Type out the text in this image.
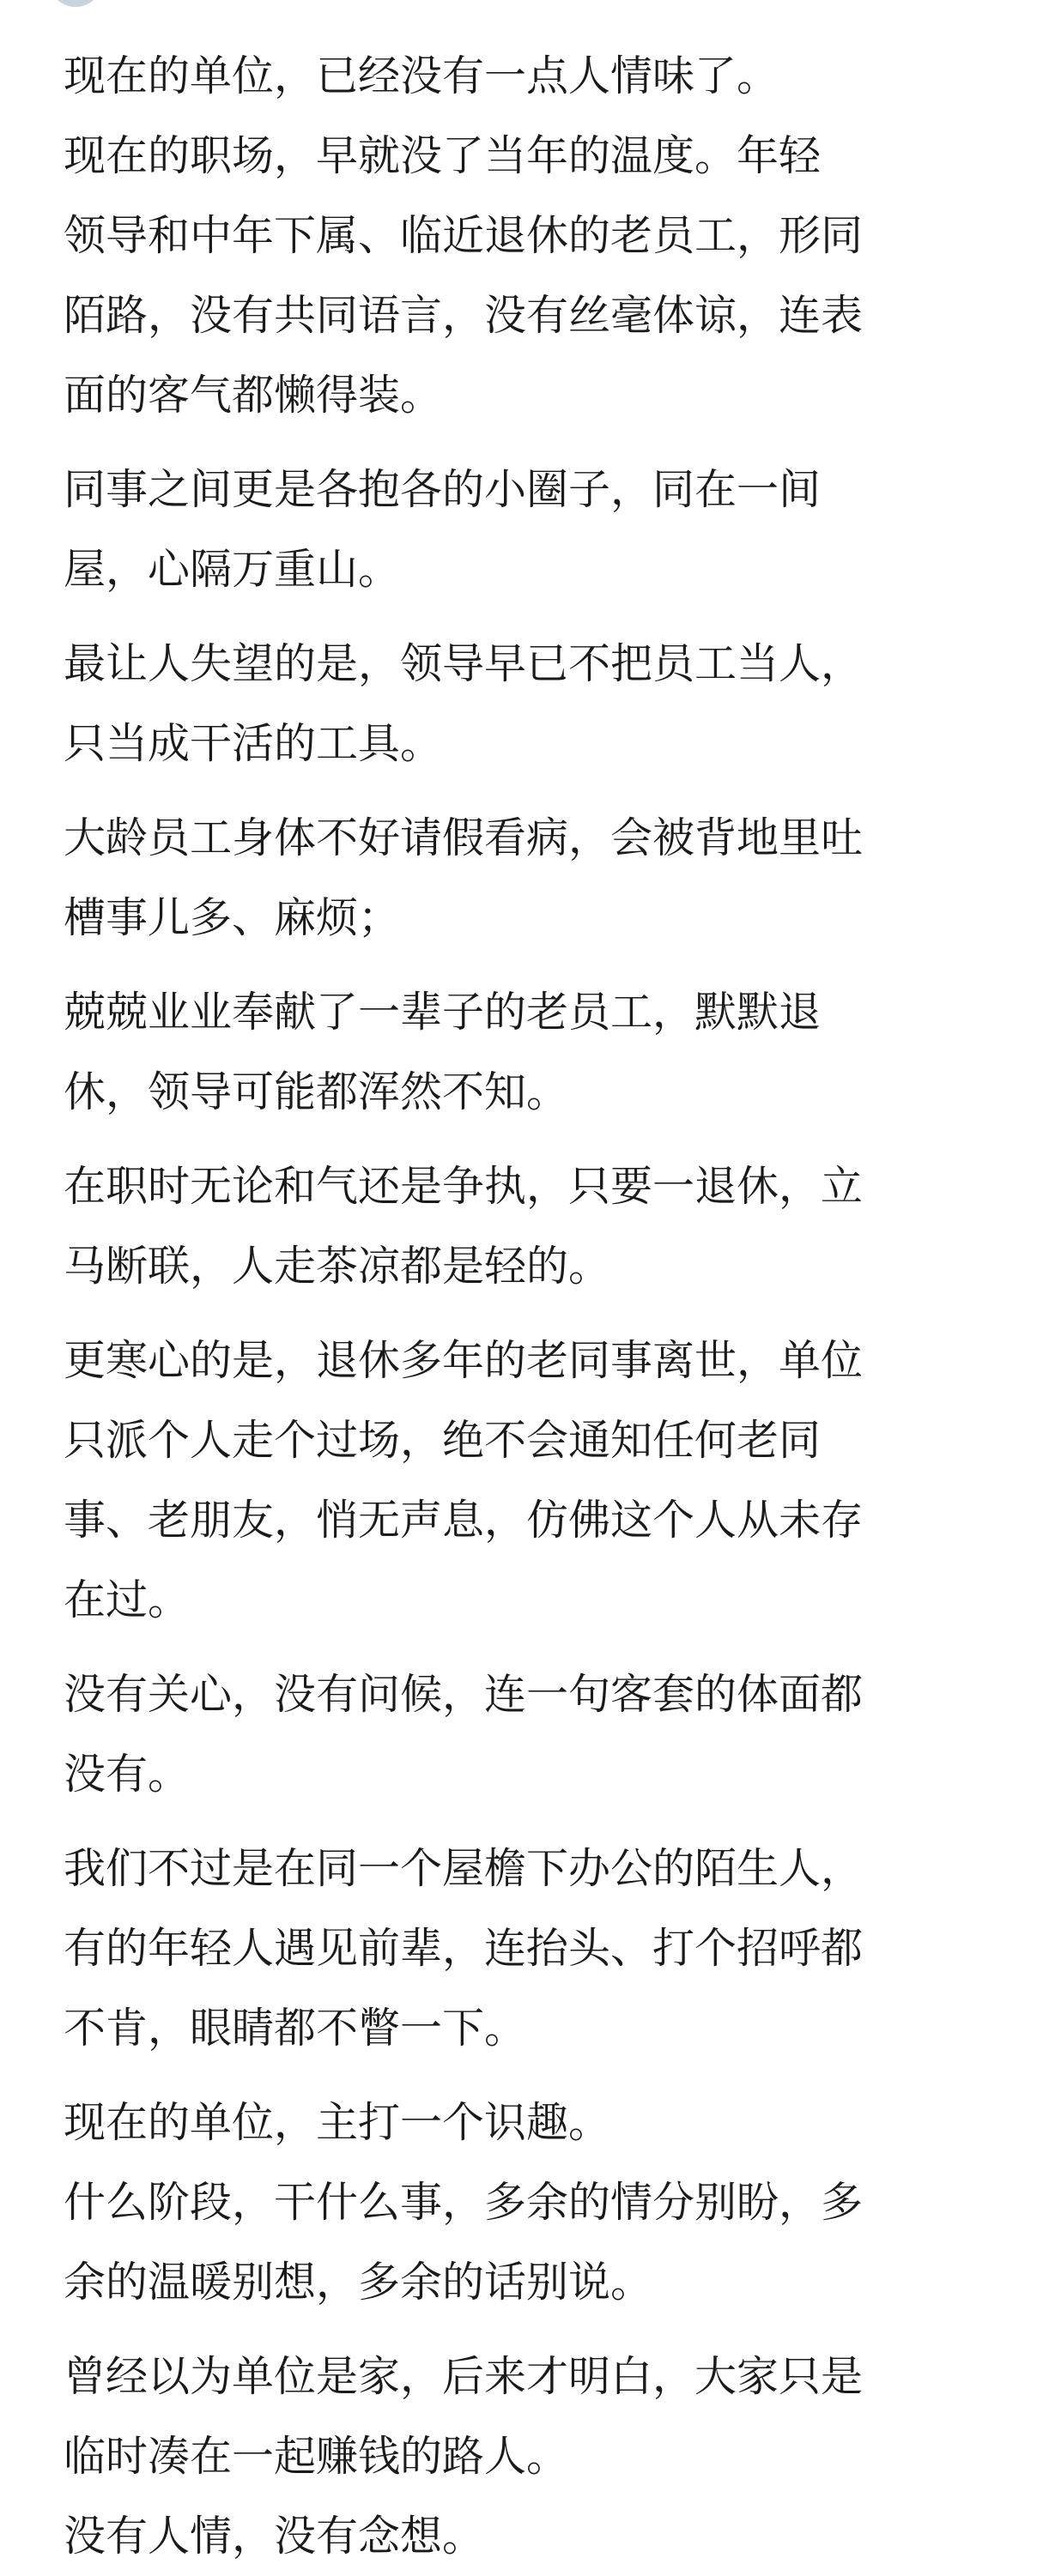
现在的单位，已经没有一点人情味了。
现在的职场，早就没了当年的温度。年轻
领导和中年下属、临近退休的老员工，形同
陌路，没有共同语言，没有丝毫体谅，连表
面的客气都懒得装。

同事之间更是各抱各的小圈子，同在一间
屋，心隔万重山。

最让人失望的是，领导早已不把员工当人，
只当成干活的工具。

大龄员工身体不好请假看病，会被背地里吐
槽事儿多、麻烦；

兢兢业业奉献了一辈子的老员工，默默退
休，领导可能都浑然不知。

在职时无论和气还是争执，只要一退休，立
马断联，人走茶凉都是轻的。

更寒心的是，退休多年的老同事离世，单位
只派个人走个过场，绝不会通知任何老同
事、老朋友，悄无声息，仿佛这个人从未存
在过。

没有关心，没有问候，连一句客套的体面都
没有。

我们不过是在同一个屋檐下办公的陌生人，
有的年轻人遇见前辈，连抬头、打个招呼都
不肯，眼睛都不瞥一下。

现在的单位，主打一个识趣。
什么阶段，干什么事，多余的情分别盼，多
余的温暖别想，多余的话别说。

曾经以为单位是家，后来才明白，大家只是
临时凑在一起赚钱的路人。
没有人情，没有念想。
